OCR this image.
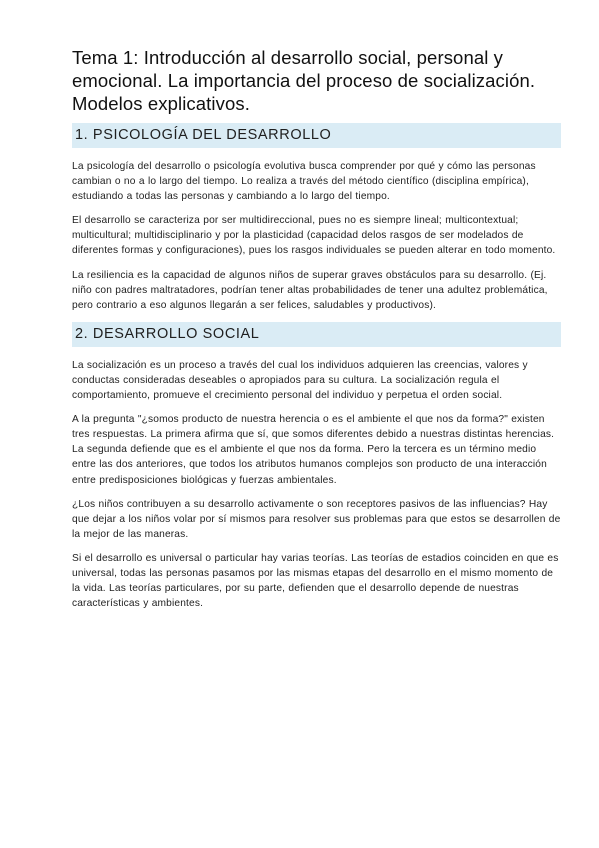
Tema 1: Introducción al desarrollo social, personal y emocional. La importancia del proceso de socialización. Modelos explicativos.
1. PSICOLOGÍA DEL DESARROLLO

La psicología del desarrollo o psicología evolutiva busca comprender por qué y cómo las personas cambian o no a lo largo del tiempo. Lo realiza a través del método científico (disciplina empírica), estudiando a todas las personas y cambiando a lo largo del tiempo.

El desarrollo se caracteriza por ser multidireccional, pues no es siempre lineal; multicontextual; multicultural; multidisciplinario y por la plasticidad (capacidad delos rasgos de ser modelados de diferentes formas y configuraciones), pues los rasgos individuales se pueden alterar en todo momento.

La resiliencia es la capacidad de algunos niños de superar graves obstáculos para su desarrollo. (Ej. niño con padres maltratadores, podrían tener altas probabilidades de tener una adultez problemática, pero contrario a eso algunos llegarán a ser felices, saludables y productivos).

2. DESARROLLO SOCIAL

La socialización es un proceso a través del cual los individuos adquieren las creencias, valores y conductas consideradas deseables o apropiados para su cultura. La socialización regula el comportamiento, promueve el crecimiento personal del individuo y perpetua el orden social.

A la pregunta "¿somos producto de nuestra herencia o es el ambiente el que nos da forma?" existen tres respuestas. La primera afirma que sí, que somos diferentes debido a nuestras distintas herencias. La segunda defiende que es el ambiente el que nos da forma. Pero la tercera es un término medio entre las dos anteriores, que todos los atributos humanos complejos son producto de una interacción entre predisposiciones biológicas y fuerzas ambientales.

¿Los niños contribuyen a su desarrollo activamente o son receptores pasivos de las influencias? Hay que dejar a los niños volar por sí mismos para resolver sus problemas para que estos se desarrollen de la mejor de las maneras.

Si el desarrollo es universal o particular hay varias teorías. Las teorías de estadios coinciden en que es universal, todas las personas pasamos por las mismas etapas del desarrollo en el mismo momento de la vida. Las teorías particulares, por su parte, defienden que el desarrollo depende de nuestras características y ambientes.
